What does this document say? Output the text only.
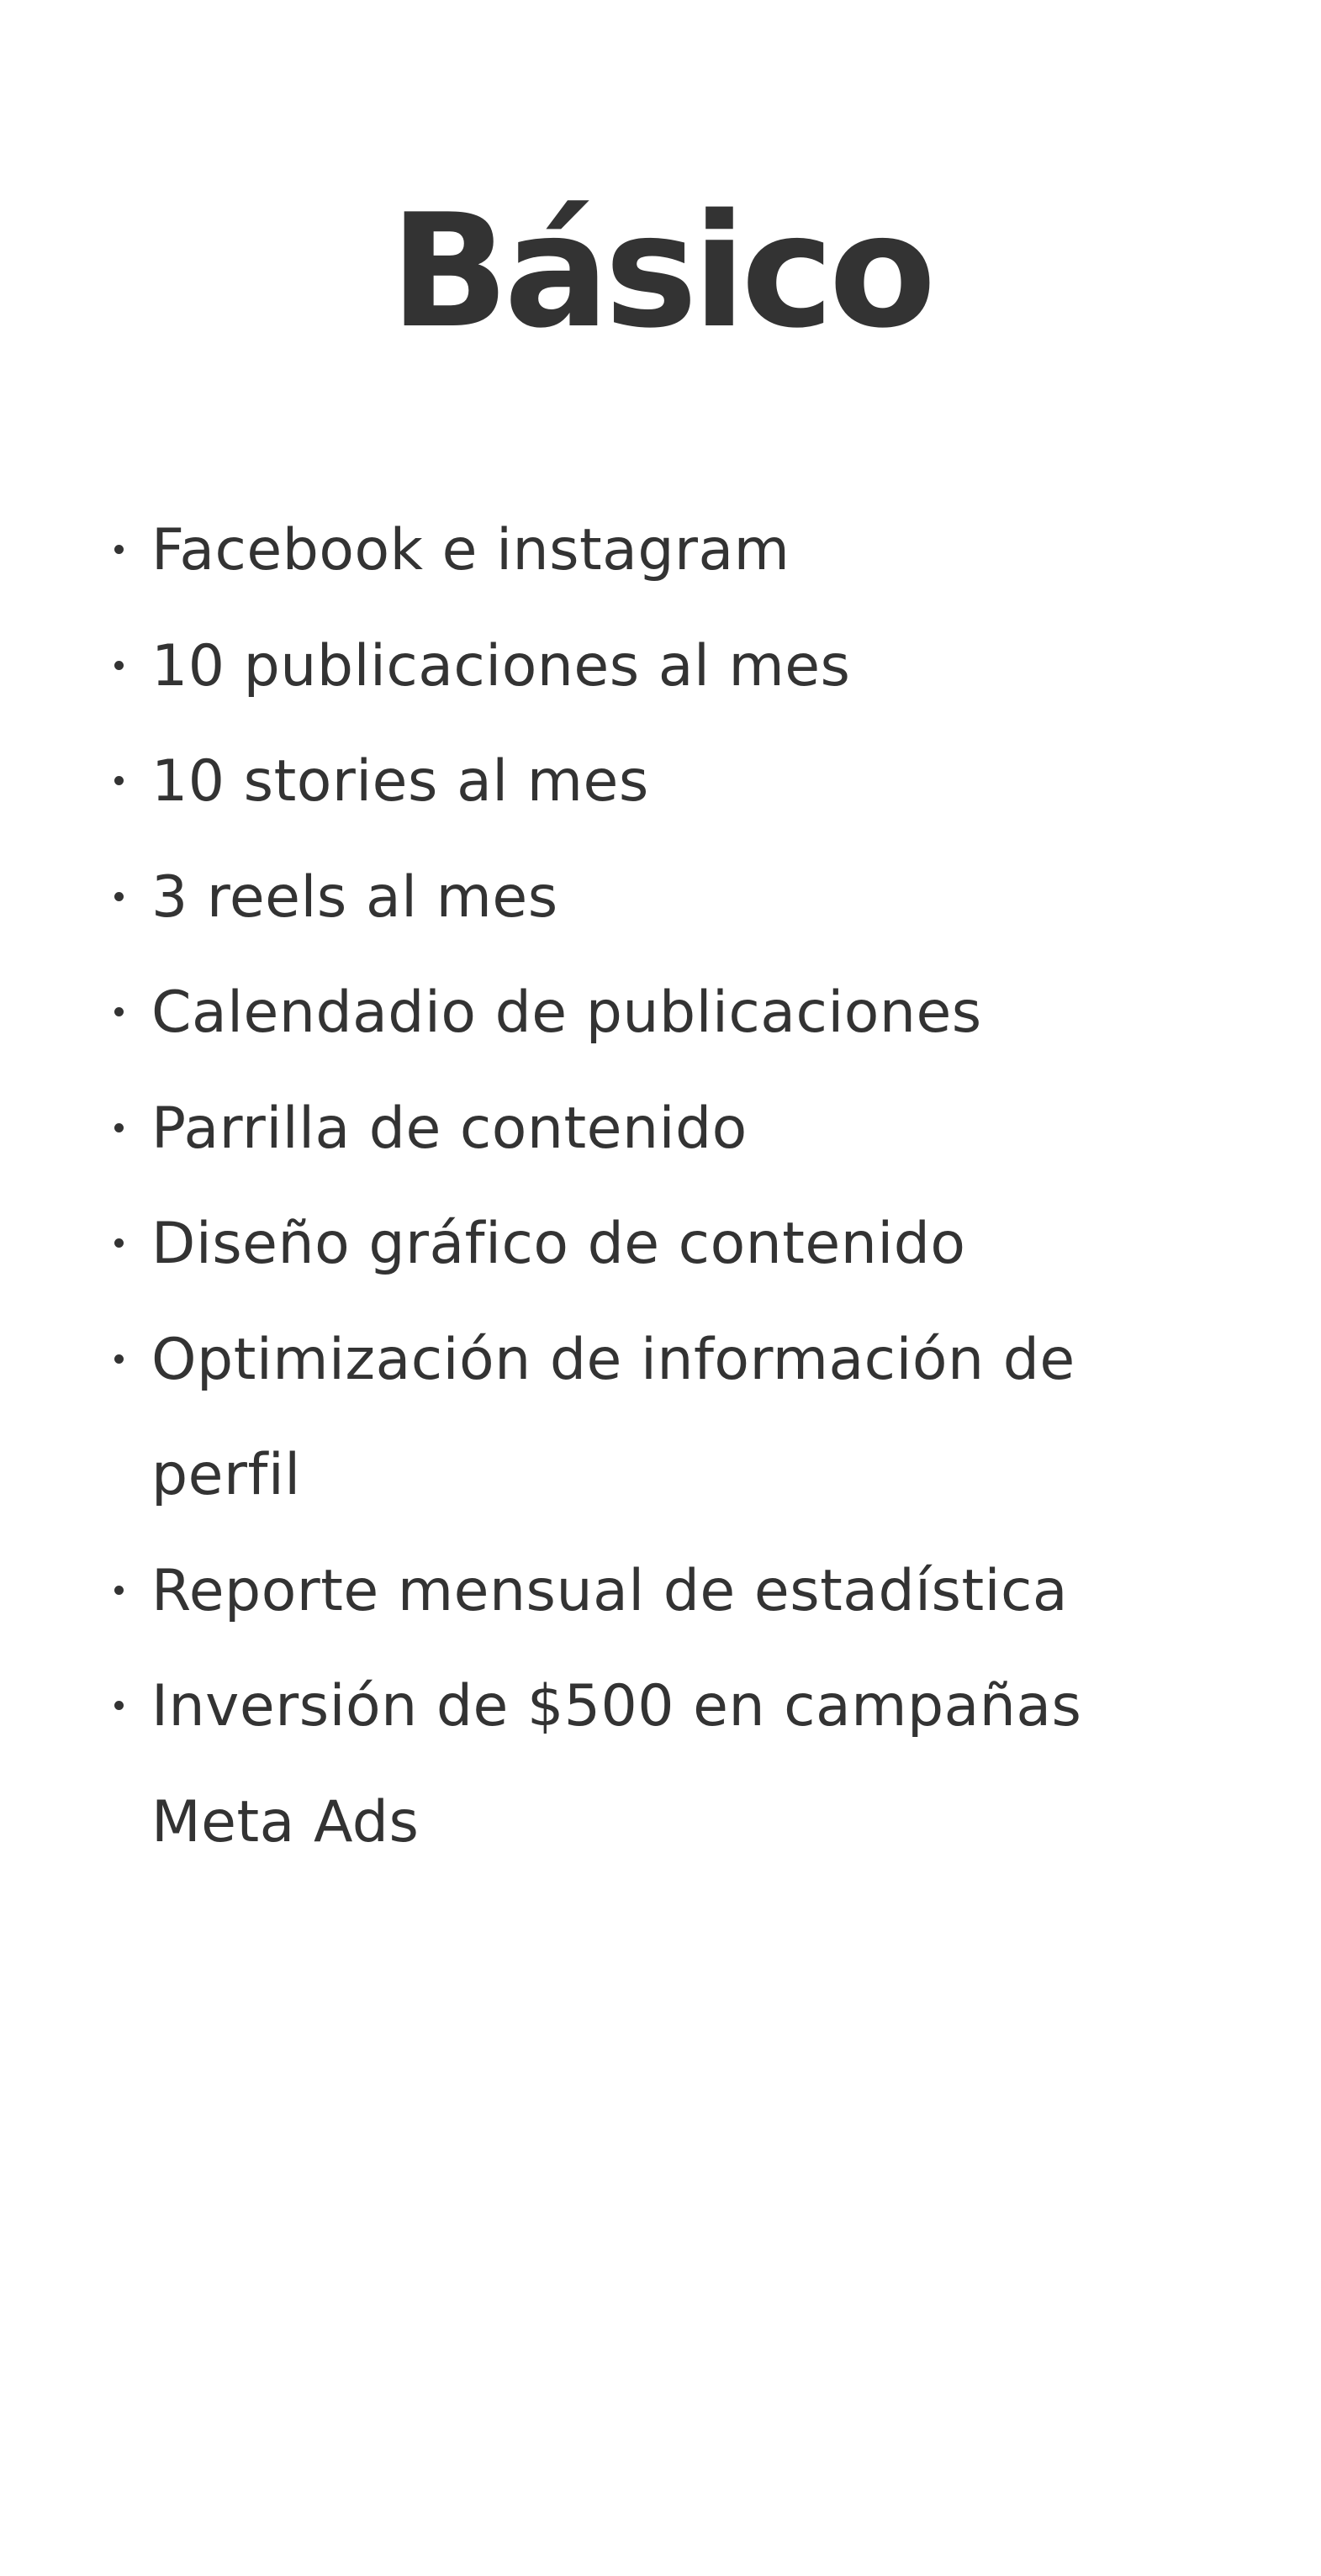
Básico
Facebook e instagram
10 publicaciones al mes
10 stories al mes
3 reels al mes
Calendadio de publicaciones
Parrilla de contenido
Diseño gráfico de contenido
Optimización de información de perfil
Reporte mensual de estadística
Inversión de $500 en campañas Meta Ads
